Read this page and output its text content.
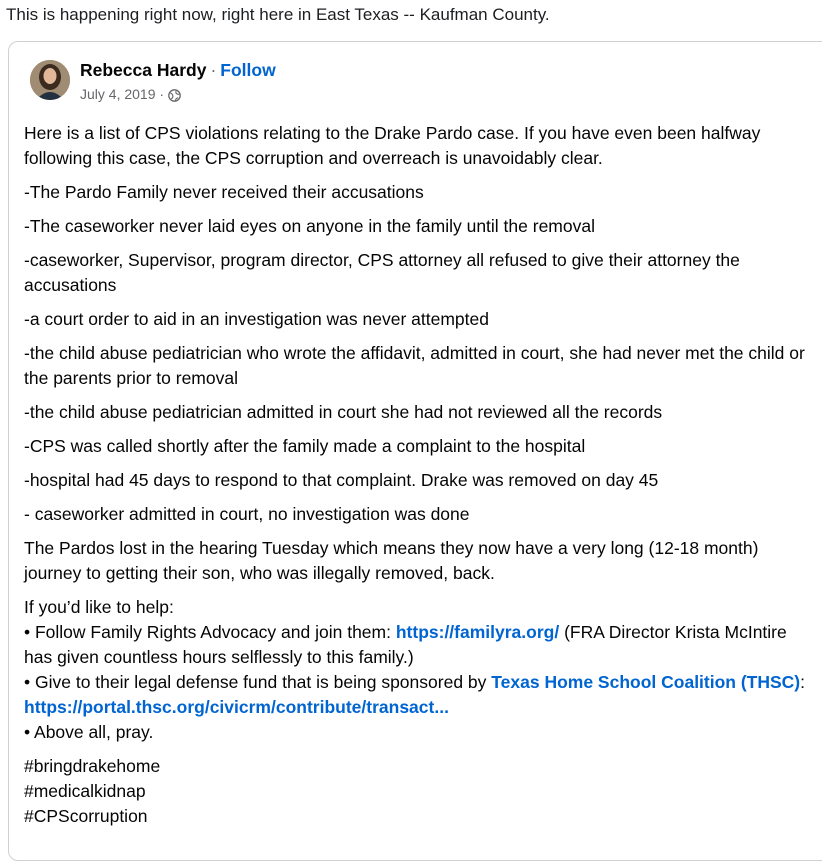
This is happening right now, right here in East Texas -- Kaufman County.
Rebecca Hardy · Follow
July 4, 2019
·

Here is a list of CPS violations relating to the Drake Pardo case. If you have even been halfway following this case, the CPS corruption and overreach is unavoidably clear.

-The Pardo Family never received their accusations

-The caseworker never laid eyes on anyone in the family until the removal

-caseworker, Supervisor, program director, CPS attorney all refused to give their attorney the accusations

-a court order to aid in an investigation was never attempted

-the child abuse pediatrician who wrote the affidavit, admitted in court, she had never met the child or the parents prior to removal

-the child abuse pediatrician admitted in court she had not reviewed all the records

-CPS was called shortly after the family made a complaint to the hospital

-hospital had 45 days to respond to that complaint. Drake was removed on day 45

- caseworker admitted in court, no investigation was done

The Pardos lost in the hearing Tuesday which means they now have a very long (12-18 month) journey to getting their son, who was illegally removed, back.

If you’d like to help:
• Follow Family Rights Advocacy and join them: https://familyra.org/ (FRA Director Krista McIntire has given countless hours selflessly to this family.)
• Give to their legal defense fund that is being sponsored by Texas Home School Coalition (THSC): https://portal.thsc.org/civicrm/contribute/transact...
• Above all, pray.
#bringdrakehome
#medicalkidnap
#CPScorruption
